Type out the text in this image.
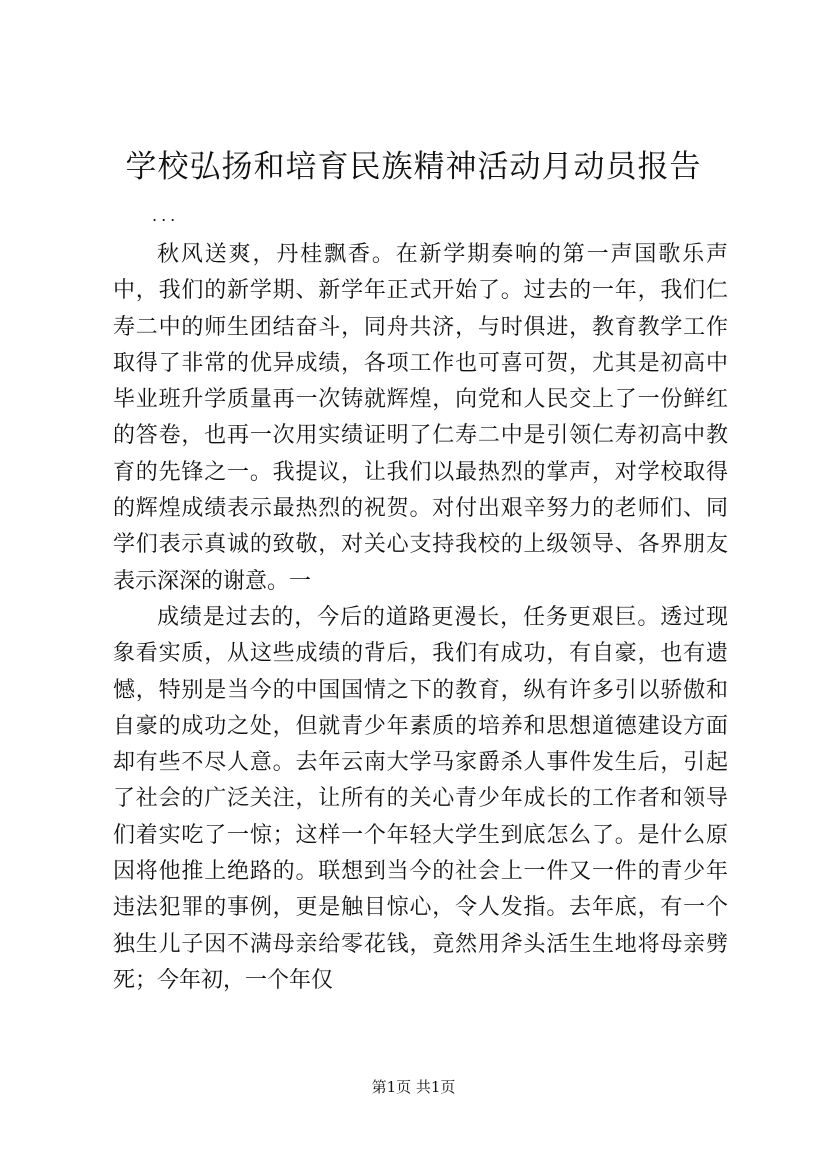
学校弘扬和培育民族精神活动月动员报告
...

秋风送爽，丹桂飘香。在新学期奏响的第一声国歌乐声中，我们的新学期、新学年正式开始了。过去的一年，我们仁寿二中的师生团结奋斗，同舟共济，与时俱进，教育教学工作取得了非常的优异成绩，各项工作也可喜可贺，尤其是初高中毕业班升学质量再一次铸就辉煌，向党和人民交上了一份鲜红的答卷，也再一次用实绩证明了仁寿二中是引领仁寿初高中教育的先锋之一。我提议，让我们以最热烈的掌声，对学校取得的辉煌成绩表示最热烈的祝贺。对付出艰辛努力的老师们、同学们表示真诚的致敬，对关心支持我校的上级领导、各界朋友表示深深的谢意。一

成绩是过去的，今后的道路更漫长，任务更艰巨。透过现象看实质，从这些成绩的背后，我们有成功，有自豪，也有遗憾，特别是当今的中国国情之下的教育，纵有许多引以骄傲和自豪的成功之处，但就青少年素质的培养和思想道德建设方面却有些不尽人意。去年云南大学马家爵杀人事件发生后，引起了社会的广泛关注，让所有的关心青少年成长的工作者和领导们着实吃了一惊；这样一个年轻大学生到底怎么了。是什么原因将他推上绝路的。联想到当今的社会上一件又一件的青少年违法犯罪的事例，更是触目惊心，令人发指。去年底，有一个独生儿子因不满母亲给零花钱，竟然用斧头活生生地将母亲劈死；今年初，一个年仅

第1页 共1页
